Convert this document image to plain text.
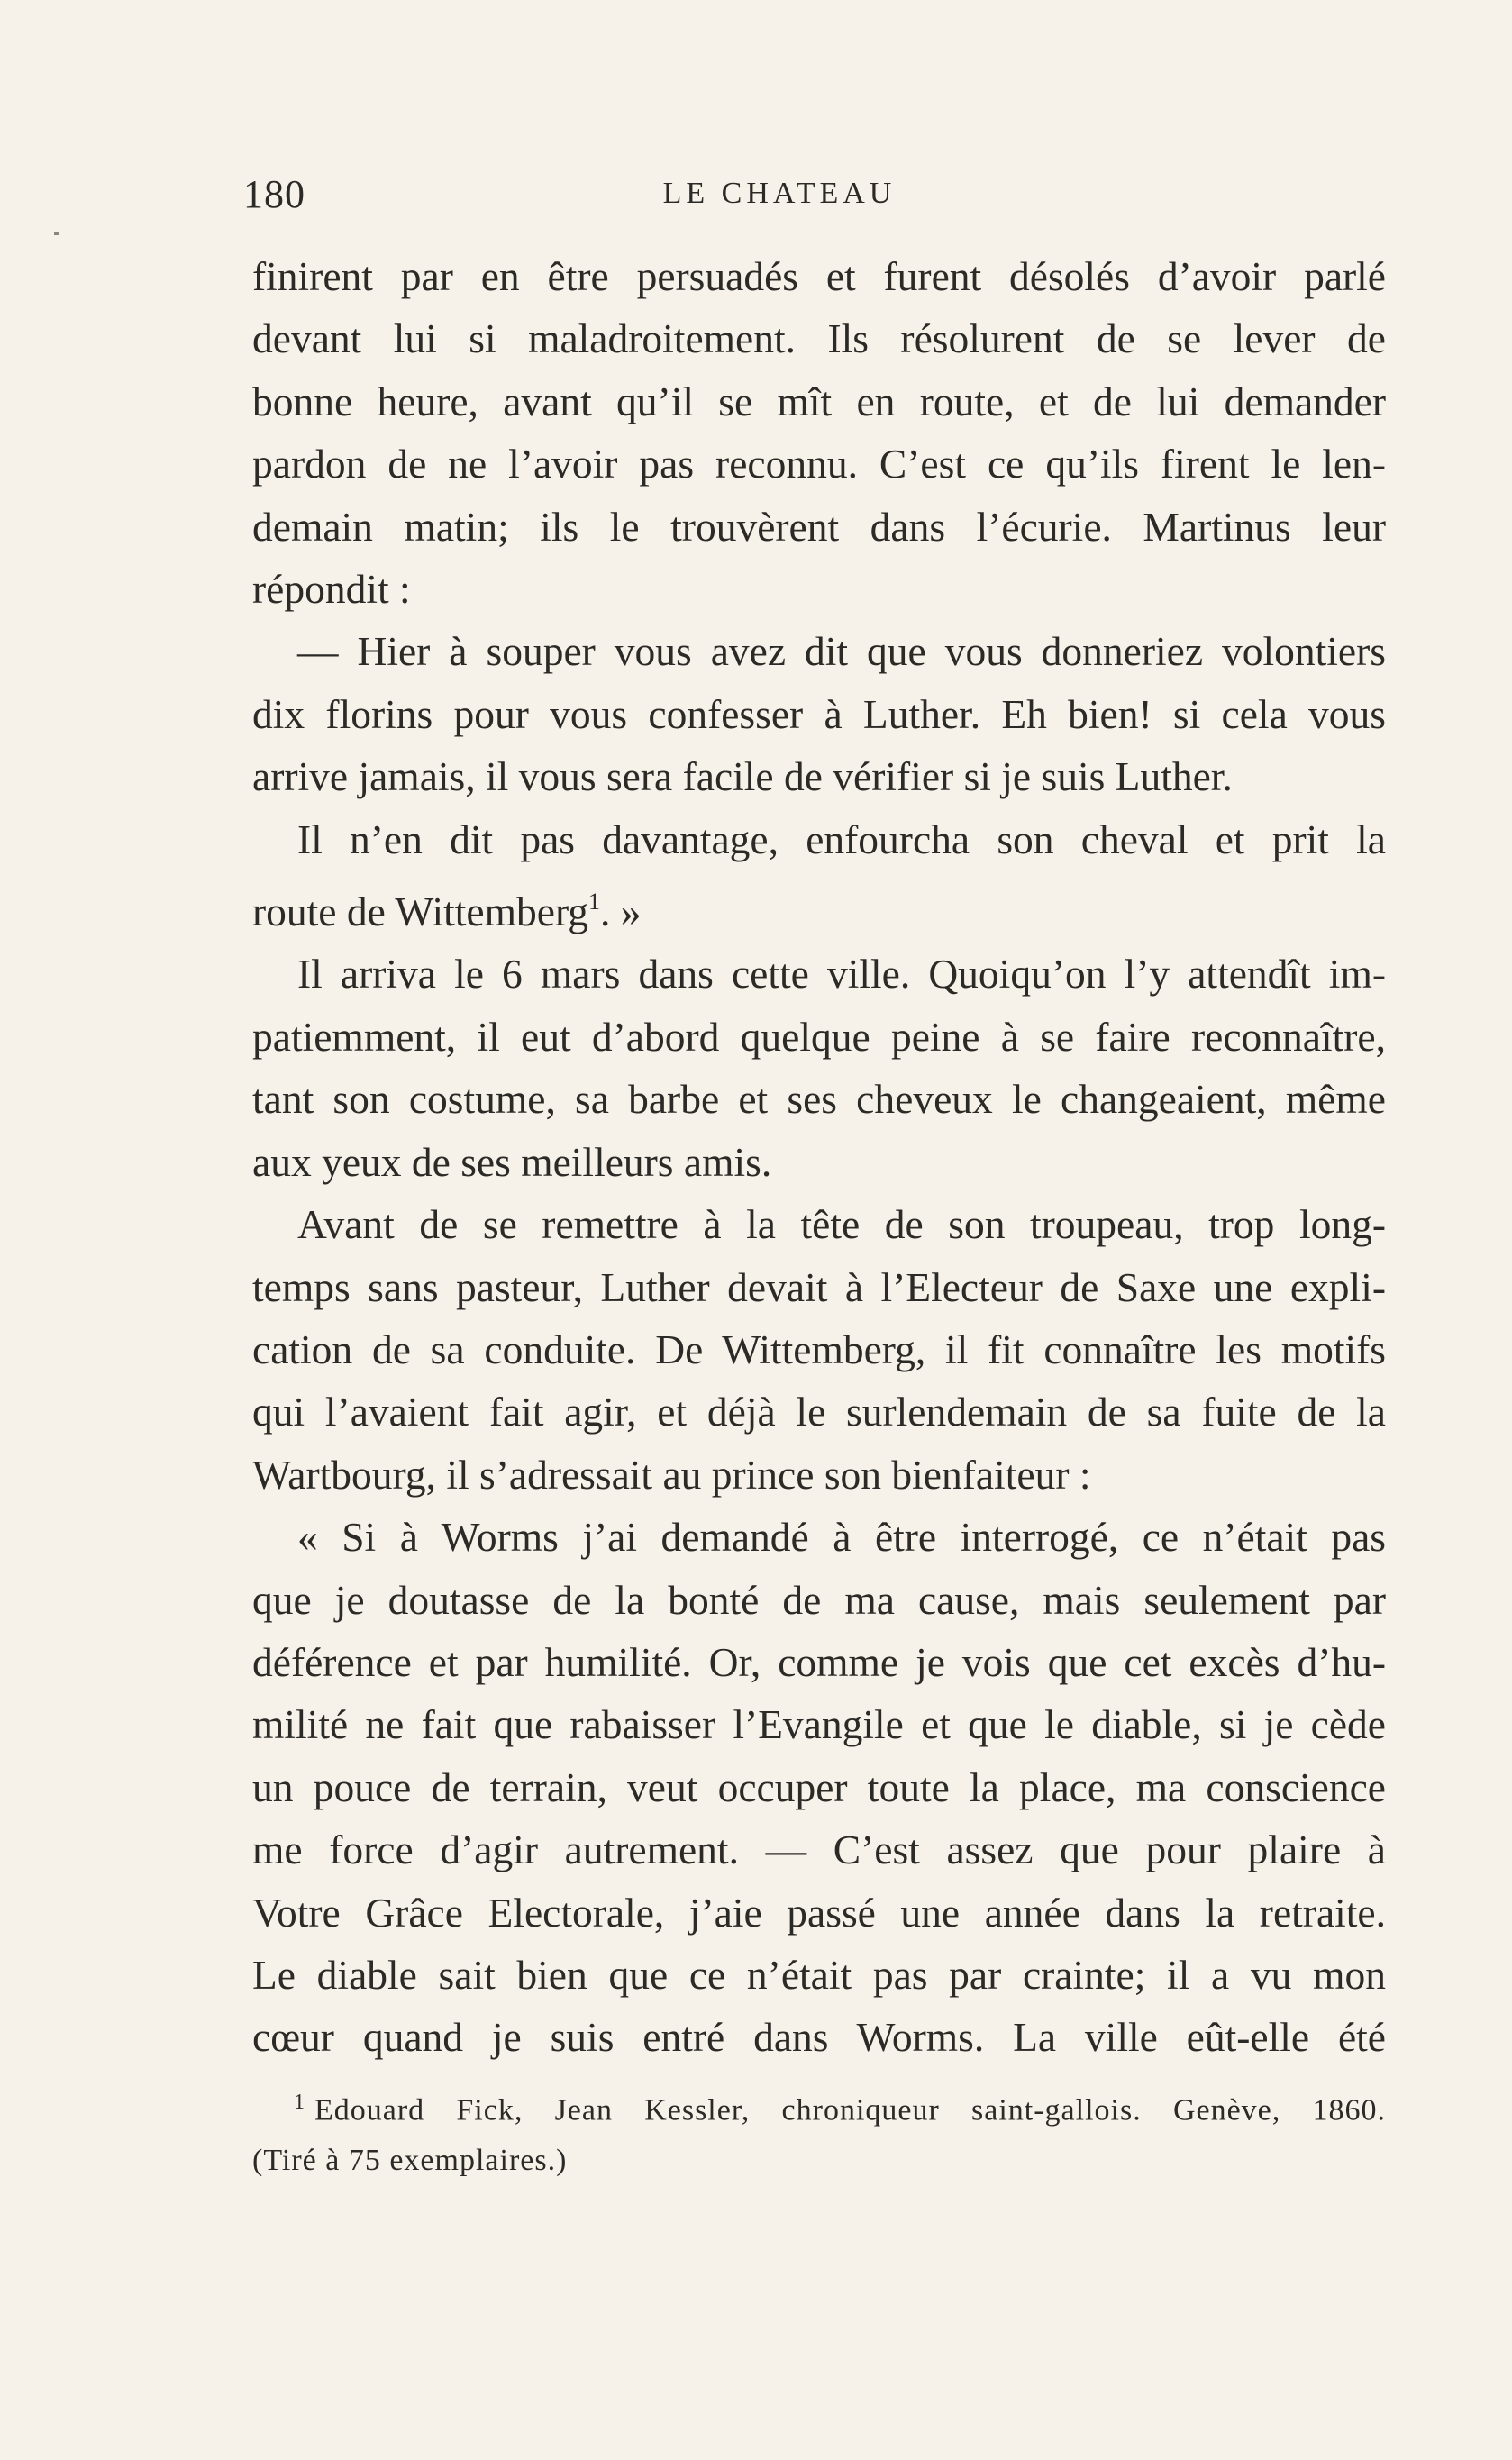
180	LE CHATEAU

finirent par en être persuadés et furent désolés d’avoir parlé

devant lui si maladroitement. Ils résolurent de se lever de

bonne heure, avant qu’il se mît en route, et de lui demander

pardon de ne l’avoir pas reconnu. C’est ce qu’ils firent le len-

demain matin; ils le trouvèrent dans l’écurie. Martinus leur

répondit :

— Hier à souper vous avez dit que vous donneriez volontiers

dix florins pour vous confesser à Luther. Eh bien! si cela vous

arrive jamais, il vous sera facile de vérifier si je suis Luther.

Il n’en dit pas davantage, enfourcha son cheval et prit la

route de Wittemberg$^1$. »

Il arriva le 6 mars dans cette ville. Quoiqu’on l’y attendît im-

patiemment, il eut d’abord quelque peine à se faire reconnaître,

tant son costume, sa barbe et ses cheveux le changeaient, même

aux yeux de ses meilleurs amis.

Avant de se remettre à la tête de son troupeau, trop long-

temps sans pasteur, Luther devait à l’Electeur de Saxe une expli-

cation de sa conduite. De Wittemberg, il fit connaître les motifs

qui l’avaient fait agir, et déjà le surlendemain de sa fuite de la

Wartbourg, il s’adressait au prince son bienfaiteur :

« Si à Worms j’ai demandé à être interrogé, ce n’était pas

que je doutasse de la bonté de ma cause, mais seulement par

déférence et par humilité. Or, comme je vois que cet excès d’hu-

milité ne fait que rabaisser l’Evangile et que le diable, si je cède

un pouce de terrain, veut occuper toute la place, ma conscience

me force d’agir autrement. — C’est assez que pour plaire à

Votre Grâce Electorale, j’aie passé une année dans la retraite.

Le diable sait bien que ce n’était pas par crainte; il a vu mon

cœur quand je suis entré dans Worms. La ville eût-elle été

$^1$ Edouard Fick, Jean Kessler, chroniqueur saint-gallois. Genève, 1860.

(Tiré à 75 exemplaires.)
